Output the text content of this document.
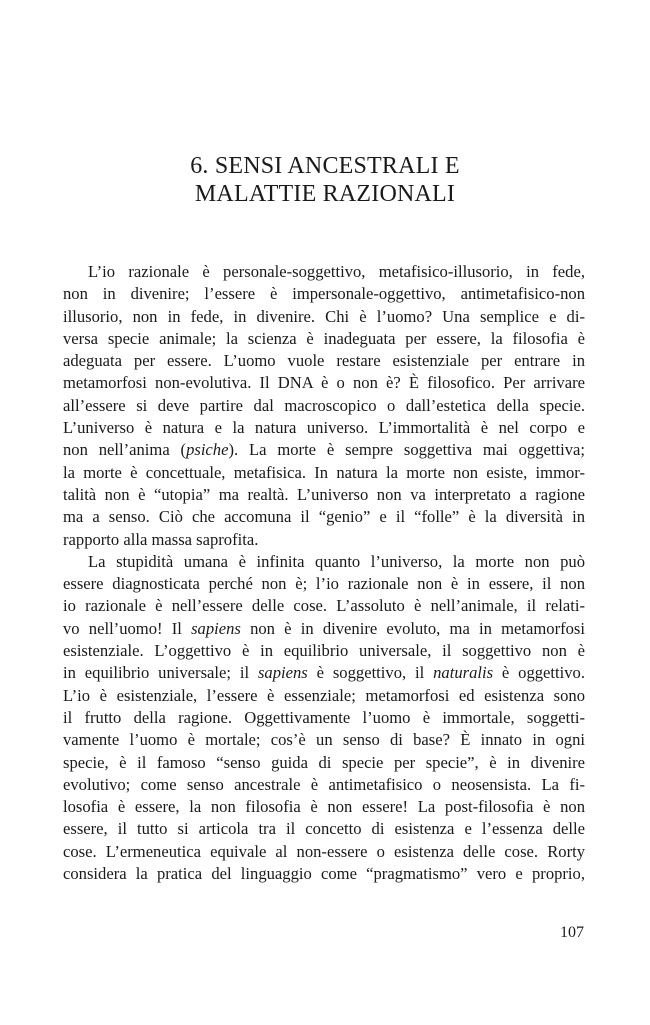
6. SENSI ANCESTRALI E
MALATTIE RAZIONALI
L’io razionale è personale-soggettivo, metafisico-illusorio, in fede,
non in divenire; l’essere è impersonale-oggettivo, antimetafisico-non
illusorio, non in fede, in divenire. Chi è l’uomo? Una semplice e di-
versa specie animale; la scienza è inadeguata per essere, la filosofia è
adeguata per essere. L’uomo vuole restare esistenziale per entrare in
metamorfosi non-evolutiva. Il DNA è o non è? È filosofico. Per arrivare
all’essere si deve partire dal macroscopico o dall’estetica della specie.
L’universo è natura e la natura universo. L’immortalità è nel corpo e
non nell’anima (psiche). La morte è sempre soggettiva mai oggettiva;
la morte è concettuale, metafisica. In natura la morte non esiste, immor-
talità non è “utopia” ma realtà. L’universo non va interpretato a ragione
ma a senso. Ciò che accomuna il “genio” e il “folle” è la diversità in
rapporto alla massa saprofita.
La stupidità umana è infinita quanto l’universo, la morte non può
essere diagnosticata perché non è; l’io razionale non è in essere, il non
io razionale è nell’essere delle cose. L’assoluto è nell’animale, il relati-
vo nell’uomo! Il sapiens non è in divenire evoluto, ma in metamorfosi
esistenziale. L’oggettivo è in equilibrio universale, il soggettivo non è
in equilibrio universale; il sapiens è soggettivo, il naturalis è oggettivo.
L’io è esistenziale, l’essere è essenziale; metamorfosi ed esistenza sono
il frutto della ragione. Oggettivamente l’uomo è immortale, soggetti-
vamente l’uomo è mortale; cos’è un senso di base? È innato in ogni
specie, è il famoso “senso guida di specie per specie”, è in divenire
evolutivo; come senso ancestrale è antimetafisico o neosensista. La fi-
losofia è essere, la non filosofia è non essere! La post-filosofia è non
essere, il tutto si articola tra il concetto di esistenza e l’essenza delle
cose. L’ermeneutica equivale al non-essere o esistenza delle cose. Rorty
considera la pratica del linguaggio come “pragmatismo” vero e proprio,
107
